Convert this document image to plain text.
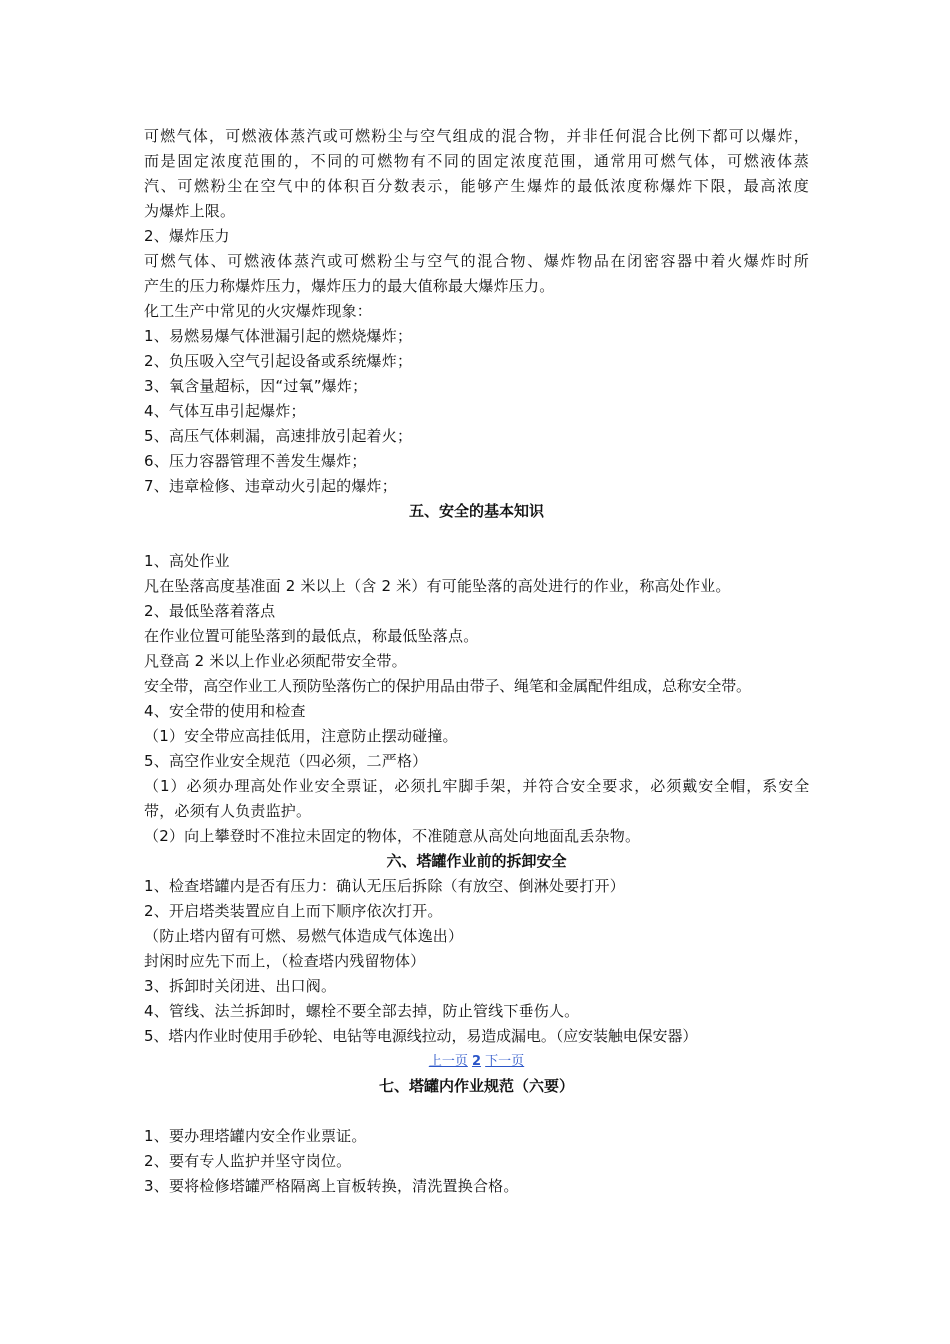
可燃气体，可燃液体蒸汽或可燃粉尘与空气组成的混合物，并非任何混合比例下都可以爆炸，
而是固定浓度范围的，不同的可燃物有不同的固定浓度范围，通常用可燃气体，可燃液体蒸
汽、可燃粉尘在空气中的体积百分数表示，能够产生爆炸的最低浓度称爆炸下限，最高浓度
为爆炸上限。
2、爆炸压力
可燃气体、可燃液体蒸汽或可燃粉尘与空气的混合物、爆炸物品在闭密容器中着火爆炸时所
产生的压力称爆炸压力，爆炸压力的最大值称最大爆炸压力。
化工生产中常见的火灾爆炸现象：
1、易燃易爆气体泄漏引起的燃烧爆炸；
2、负压吸入空气引起设备或系统爆炸；
3、氧含量超标，因“过氧”爆炸；
4、气体互串引起爆炸；
5、高压气体刺漏，高速排放引起着火；
6、压力容器管理不善发生爆炸；
7、违章检修、违章动火引起的爆炸；
五、安全的基本知识
1、高处作业
凡在坠落高度基准面 2 米以上（含 2 米）有可能坠落的高处进行的作业，称高处作业。
2、最低坠落着落点
在作业位置可能坠落到的最低点，称最低坠落点。
凡登高 2 米以上作业必须配带安全带。
安全带，高空作业工人预防坠落伤亡的保护用品由带子、绳笔和金属配件组成，总称安全带。
4、安全带的使用和检查
（1）安全带应高挂低用，注意防止摆动碰撞。
5、高空作业安全规范（四必须，二严格）
（1）必须办理高处作业安全票证，必须扎牢脚手架，并符合安全要求，必须戴安全帽，系安全
带，必须有人负责监护。
（2）向上攀登时不准拉未固定的物体，不准随意从高处向地面乱丢杂物。
六、塔罐作业前的拆卸安全
1、检查塔罐内是否有压力：确认无压后拆除（有放空、倒淋处要打开）
2、开启塔类装置应自上而下顺序依次打开。
（防止塔内留有可燃、易燃气体造成气体逸出）
封闲时应先下而上，（检查塔内残留物体）
3、拆卸时关闭进、出口阀。
4、管线、法兰拆卸时，螺栓不要全部去掉，防止管线下垂伤人。
5、塔内作业时使用手砂轮、电钻等电源线拉动，易造成漏电。（应安装触电保安器）
上一页 2 下一页
七、塔罐内作业规范（六要）
1、要办理塔罐内安全作业票证。
2、要有专人监护并坚守岗位。
3、要将检修塔罐严格隔离上盲板转换，清洗置换合格。
